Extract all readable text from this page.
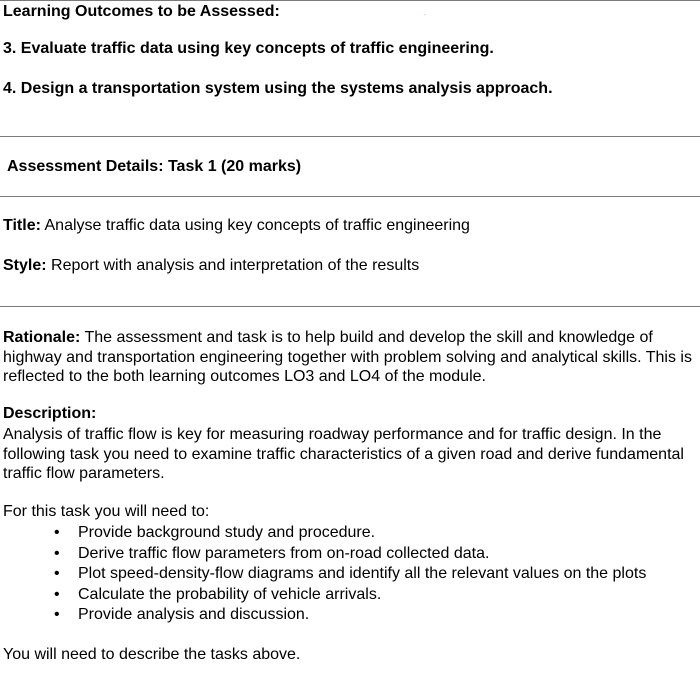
Learning Outcomes to be Assessed:	⸱
3. Evaluate traffic data using key concepts of traffic engineering.
4. Design a transportation system using the systems analysis approach.
Assessment Details: Task 1 (20 marks)
Title: Analyse traffic data using key concepts of traffic engineering
Style: Report with analysis and interpretation of the results
Rationale: The assessment and task is to help build and develop the skill and knowledge of highway and transportation engineering together with problem solving and analytical skills. This is reflected to the both learning outcomes LO3 and LO4 of the module.
Description:
Analysis of traffic flow is key for measuring roadway performance and for traffic design. In the following task you need to examine traffic characteristics of a given road and derive fundamental traffic flow parameters.
For this task you will need to:
• Provide background study and procedure.
• Derive traffic flow parameters from on-road collected data.
• Plot speed-density-flow diagrams and identify all the relevant values on the plots
• Calculate the probability of vehicle arrivals.
• Provide analysis and discussion.
You will need to describe the tasks above.
